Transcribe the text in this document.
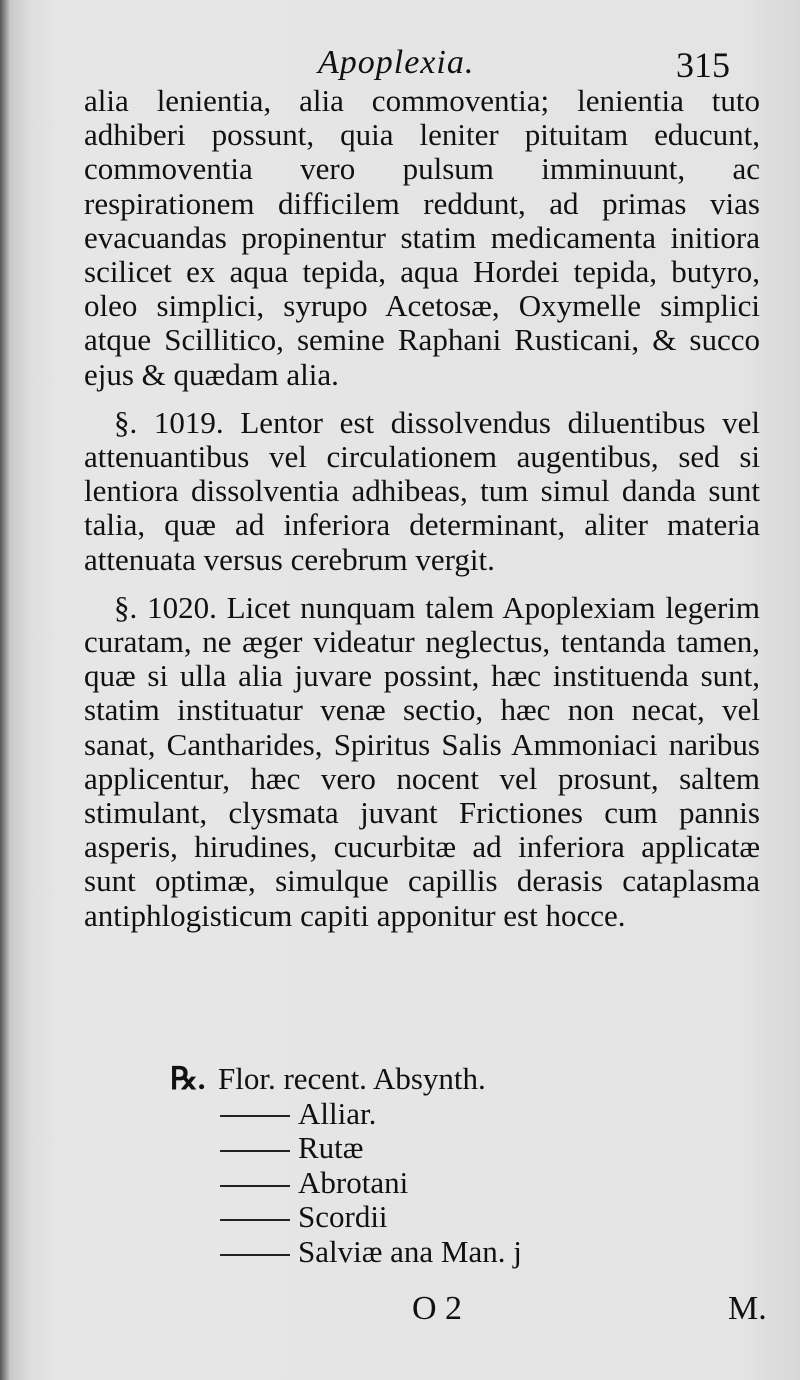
Apoplexia.	315

alia lenientia, alia commoventia; lenientia tuto adhiberi possunt, quia leniter pituitam educunt, commoventia vero pulsum imminuunt, ac respirationem difficilem reddunt, ad primas vias evacuandas propinentur statim medicamenta initiora scilicet ex aqua tepida, aqua Hordei tepida, butyro, oleo simplici, syrupo Acetosæ, Oxymelle simplici atque Scillitico, semine Raphani Rusticani, & succo ejus & quædam alia.

§. 1019. Lentor est dissolvendus diluentibus vel attenuantibus vel circulationem augentibus, sed si lentiora dissolventia adhibeas, tum simul danda sunt talia, quæ ad inferiora determinant, aliter materia attenuata versus cerebrum vergit.

§. 1020. Licet nunquam talem Apoplexiam legerim curatam, ne æger videatur neglectus, tentanda tamen, quæ si ulla alia juvare possint, hæc instituenda sunt, statim instituatur venæ sectio, hæc non necat, vel sanat, Cantharides, Spiritus Salis Ammoniaci naribus applicentur, hæc vero nocent vel prosunt, saltem stimulant, clysmata juvant Frictiones cum pannis asperis, hirudines, cucurbitæ ad inferiora applicatæ sunt optimæ, simulque capillis derasis cataplasma antiphlogisticum capiti apponitur est hocce.

℞. Flor. recent. Absynth.
Alliar.
Rutæ
Abrotani
Scordii
Salviæ ana Man. j
O 2	M.
